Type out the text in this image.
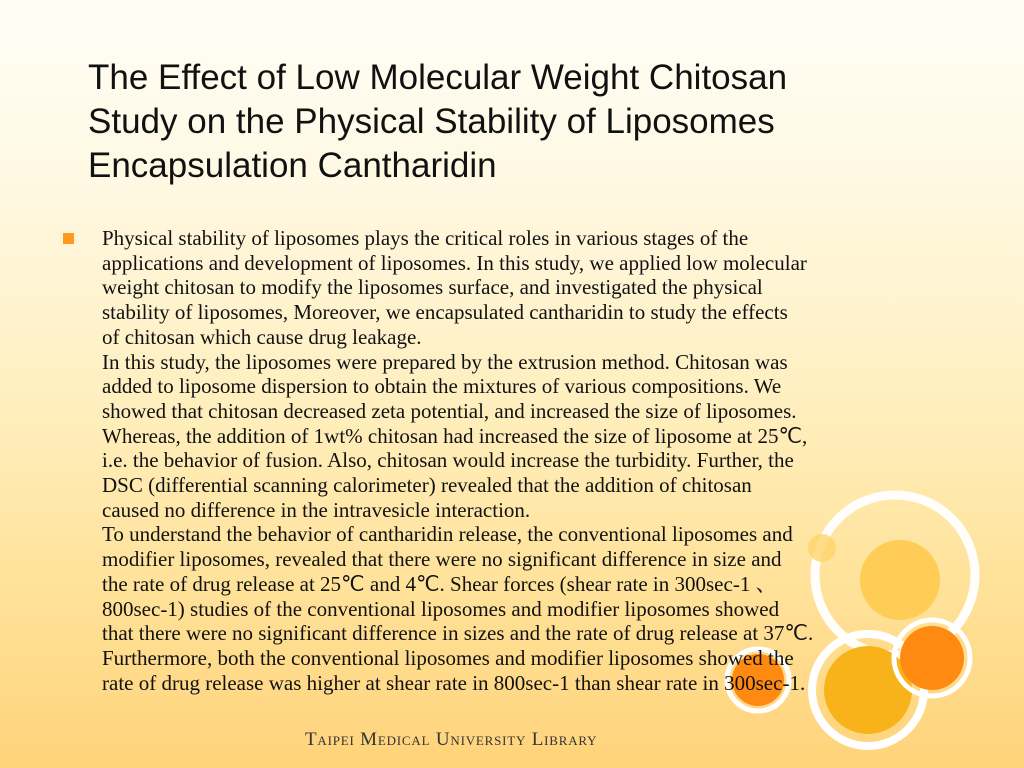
The Effect of Low Molecular Weight Chitosan
Study on the Physical Stability of Liposomes
Encapsulation Cantharidin
Physical stability of liposomes plays the critical roles in various stages of the
applications and development of liposomes. In this study, we applied low molecular
weight chitosan to modify the liposomes surface, and investigated the physical
stability of liposomes, Moreover, we encapsulated cantharidin to study the effects
of chitosan which cause drug leakage.
In this study, the liposomes were prepared by the extrusion method. Chitosan was
added to liposome dispersion to obtain the mixtures of various compositions. We
showed that chitosan decreased zeta potential, and increased the size of liposomes.
Whereas, the addition of 1wt% chitosan had increased the size of liposome at 25℃,
i.e. the behavior of fusion. Also, chitosan would increase the turbidity. Further, the
DSC (differential scanning calorimeter) revealed that the addition of chitosan
caused no difference in the intravesicle interaction.
To understand the behavior of cantharidin release, the conventional liposomes and
modifier liposomes, revealed that there were no significant difference in size and
the rate of drug release at 25℃ and 4℃. Shear forces (shear rate in 300sec-1 、
800sec-1) studies of the conventional liposomes and modifier liposomes showed
that there were no significant difference in sizes and the rate of drug release at 37℃.
Furthermore, both the conventional liposomes and modifier liposomes showed the
rate of drug release was higher at shear rate in 800sec-1 than shear rate in 300sec-1.
Taipei Medical University Library
